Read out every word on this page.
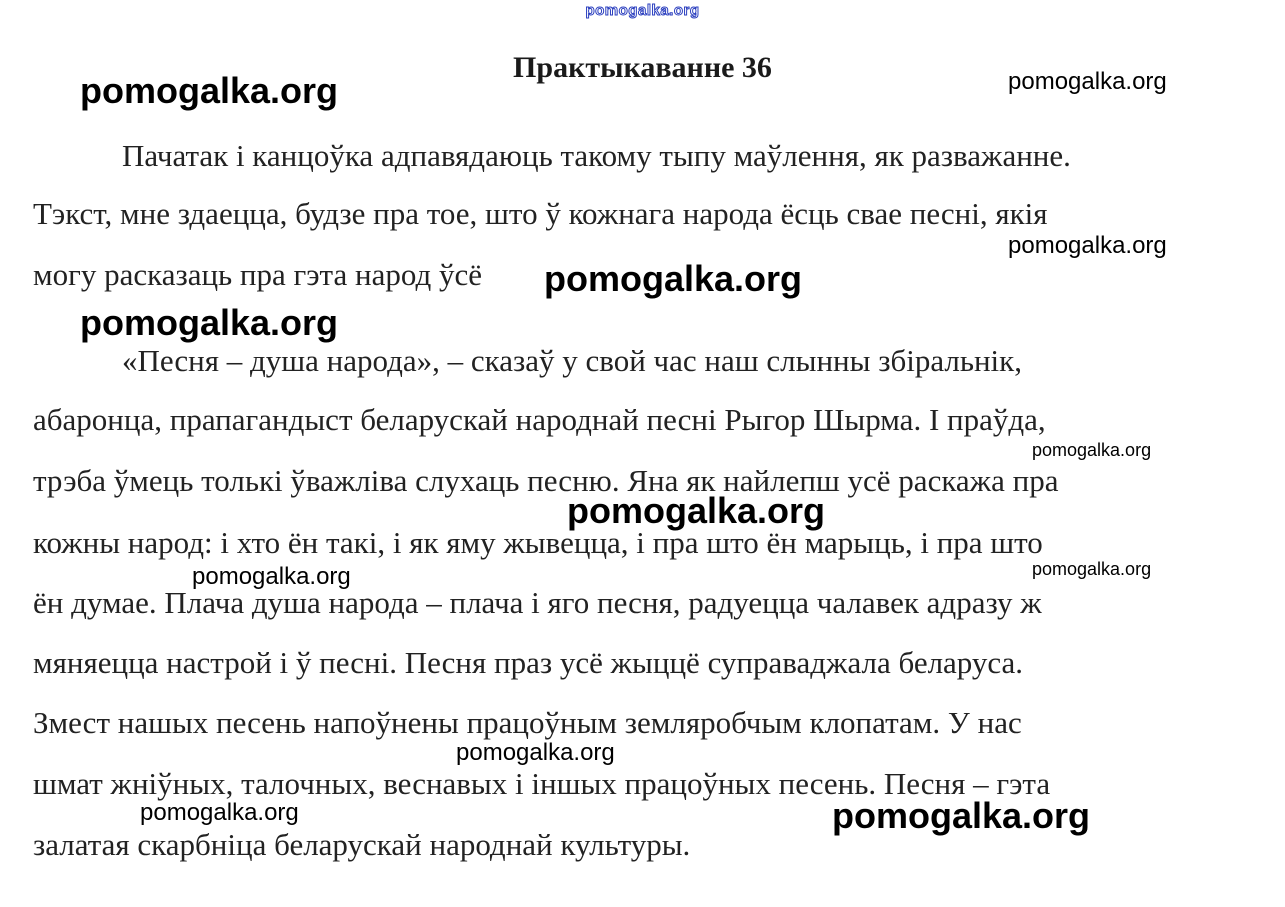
pomogalka.org
Практыкаванне 36
Пачатак і канцоўка адпавядаюць такому тыпу маўлення, як разважанне.
Тэкст, мне здаецца, будзе пра тое, што ў кожнага народа ёсць свае песні, якія
могу расказаць пра гэта народ ўсё
«Песня – душа народа», – сказаў у свой час наш слынны збіральнік,
абаронца, прапагандыст беларускай народнай песні Рыгор Шырма. І праўда,
трэба ўмець толькі ўважліва слухаць песню. Яна як найлепш усё раскажа пра
кожны народ: і хто ён такі, і як яму жывецца, і пра што ён марыць, і пра што
ён думае. Плача душа народа – плача і яго песня, радуецца чалавек адразу ж
мяняецца настрой і ў песні. Песня праз усё жыццё суправаджала беларуса.
Змест нашых песень напоўнены працоўным земляробчым клопатам. У нас
шмат жніўных, талочных, веснавых і іншых працоўных песень. Песня – гэта
залатая скарбніца беларускай народнай культуры.
pomogalka.org	pomogalka.org
pomogalka.org
pomogalka.org
pomogalka.org
pomogalka.org
pomogalka.org
pomogalka.org
pomogalka.org
pomogalka.org
pomogalka.org	pomogalka.org
